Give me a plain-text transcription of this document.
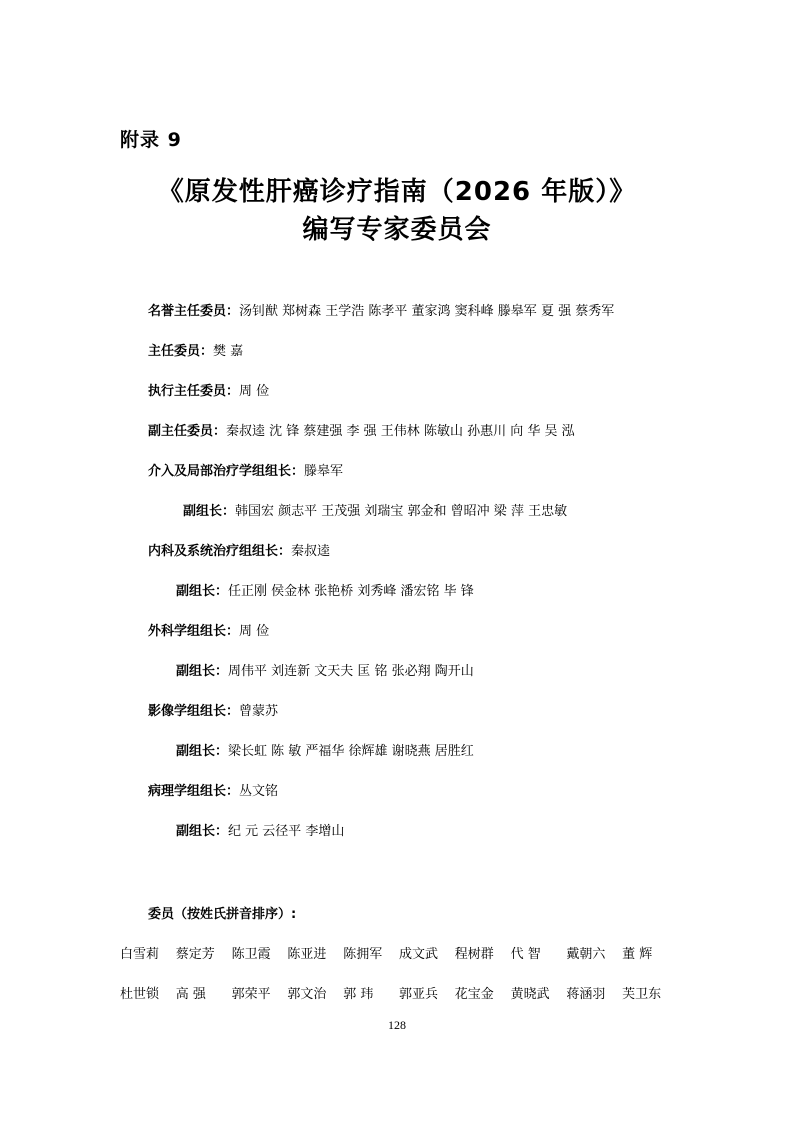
附录 9
《原发性肝癌诊疗指南（2026 年版）》
编写专家委员会
名誉主任委员：汤钊猷 郑树森 王学浩 陈孝平 董家鸿 窦科峰 滕皋军 夏 强 蔡秀军
主任委员：樊 嘉
执行主任委员：周 俭
副主任委员：秦叔逵 沈 锋 蔡建强 李 强 王伟林 陈敏山 孙惠川 向 华 吴 泓
介入及局部治疗学组组长：滕皋军
副组长：韩国宏 颜志平 王茂强 刘瑞宝 郭金和 曾昭冲 梁 萍 王忠敏
内科及系统治疗组组长：秦叔逵
副组长：任正刚 侯金林 张艳桥 刘秀峰 潘宏铭 毕 锋
外科学组组长：周 俭
副组长：周伟平 刘连新 文天夫 匡 铭 张必翔 陶开山
影像学组组长：曾蒙苏
副组长：梁长虹 陈 敏 严福华 徐辉雄 谢晓燕 居胜红
病理学组组长：丛文铭
副组长：纪 元 云径平 李增山
委员（按姓氏拼音排序）:
白雪莉	蔡定芳	陈卫霞	陈亚进	陈拥军	成文武	程树群	代 智	戴朝六	董 辉
杜世锁	高 强	郭荣平	郭文治	郭 玮	郭亚兵	花宝金	黄晓武	蒋涵羽	芙卫东
128
